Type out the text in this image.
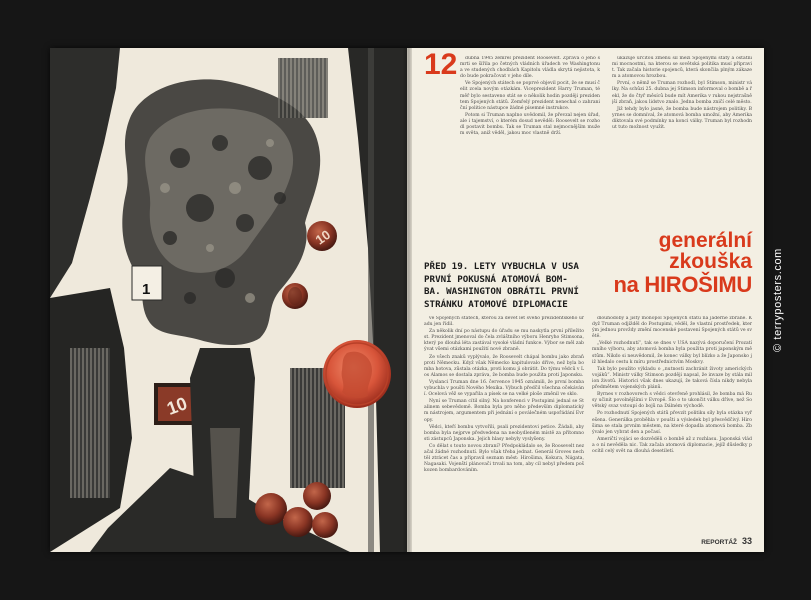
10
10
1
12	dubna 1945 zemřel prezident Roosevelt. Zpráva o jeho smrti se šířila po četných vládních úřadech ve Washingtonu a ve studených chodbách Kapitolu vládla skrytá nejistota, kdo bude pokračovat v jeho díle.

Ve Spojených státech se poprvé objevil pocit, že se musí čelit zcela novým otázkám. Viceprezident Harry Truman, téměř bylo sestaveno stát se o několik hodin později prezidentem Spojených států. Zemřelý prezident nenechal o zahraniční politice nástupce žádné písemné instrukce.

Potom si Truman naplno uvědomil, že převzal nejen úřad, ale i tajemství, o kterém dosud nevěděl: Roosevelt se rozhodl postavit bombu. Tak se Truman stal nejmocnějším mužem světa, aniž věděl, jakou moc vlastně drží.

ukazuje určitou změnu sil mezi Spojenými státy a ostatními mocnostmi, na kterou se sovětská politika musí připravit. Tak začala historie spojenců, která skončila plným zákazem a atomovou hrozbou.

První, o němž se Truman rozhodl, byl Stimson, ministr války. Na schůzi 25. dubna jej Stimson informoval o bombě a řekl, že do čtyř měsíců bude mít Amerika v rukou nejstrašnější zbraň, jakou lidstvo znalo. Jedna bomba zničí celé město.

Již tehdy bylo jasné, že bomba bude nástrojem politiky. Byrnes se domníval, že atomová bomba umožní, aby Amerika diktovala své podmínky na konci války. Truman byl rozhodnut tuto možnost využít.

PŘED 19. LETY VYBUCHLA V USA
PRVNÍ POKUSNÁ ATOMOVÁ BOM-
BA. WASHINGTON OBRÁTIL PRVNÍ
STRÁNKU ATOMOVÉ DIPLOMACIE
generální
zkouška
na HIROŠIMU

ve Spojených státech, kterou za devět let svého prezidentského úřadu jen řídil.

Za několik dní po nástupu do úřadu se mu naskytla první příležitost. Prezident jmenoval do čela zvláštního výboru Henryho Stimsona, který po dlouhá léta zastával vysoké vládní funkce. Výbor se měl zabývat všemi otázkami použití nové zbraně.

Ze všech znaků vyplývalo, že Roosevelt chápal bombu jako zbraň proti Německu. Když však Německo kapitulovalo dříve, než byla bomba hotova, zůstala otázka, proti komu ji obrátit. Do týmu vědců v Los Alamos se dostala zpráva, že bomba bude použita proti Japonsku.

Vyslanci Truman dne 16. července 1945 oznámili, že první bomba vybuchla v poušti Nového Mexika. Výbuch předčil všechna očekávání. Ocelová věž se vypařila a písek se na velké ploše změnil ve sklo.

Nyní se Truman cítil silný. Na konferenci v Postupimi jednal se Stalinem sebevědomě. Bomba byla pro něho především diplomatickým nástrojem, argumentem při jednání o poválečném uspořádání Evropy.

Vědci, kteří bombu vytvořili, psali prezidentovi petice. Žádali, aby bomba byla nejprve předvedena na neobydleném místě za přítomnosti zástupců Japonska. Jejich hlasy nebyly vyslyšeny.

Co dělat s touto novou zbraní? Předpokládalo se, že Roosevelt nezačal žádné rozhodnutí. Bylo však třeba jednat. Generál Groves nechtěl ztrácet čas a připravil seznam měst: Hirošima, Kokura, Niigata, Nagasaki. Vojenští plánovači trvali na tom, aby cíl nebyl předem poškozen bombardováním.

dlouhodobý a jistý monopol Spojených států na jaderné zbraně. Když Truman odjížděl do Postupimi, věděl, že vlastní prostředek, kterým jednou provždy změní mocenské postavení Spojených států ve světě.

„Velké rozhodnutí“, tak se dnes v USA nazývá doporučení Prozatímního výboru, aby atomová bomba byla použita proti japonským městům. Nikdo si neuvědomil, že konec války byl blízko a že Japonsko již hledalo cestu k míru prostřednictvím Moskvy.

Tak bylo použito výkladu o „nutnosti zachránit životy amerických vojáků“. Ministr války Stimson později napsal, že invaze by stála milion životů. Historici však dnes ukazují, že taková čísla nikdy nebyla předmětem vojenských plánů.

Byrnes v rozhovorech s vědci otevřeně prohlásil, že bomba má Rusy učinit povolnějšími v Evropě. Šlo o to ukončit válku dříve, než Sovětský svaz vstoupí do bojů na Dálném východě.

Po rozhodnutí Spojených států převzít politiku síly byla otázka vyřešena. Generálka proběhla v poušti a výsledek byl přesvědčivý. Hirošima se stala prvním městem, na které dopadla atomová bomba. Zbývalo jen vybrat den a počasí.

Američtí vojáci se dozvěděli o bombě až z rozhlasu. Japonská vláda o ní nevěděla nic. Tak začala atomová diplomacie, jejíž důsledky pocítil celý svět na dlouhá desetiletí.

REPORTÁŽ 33
© terryposters.com
